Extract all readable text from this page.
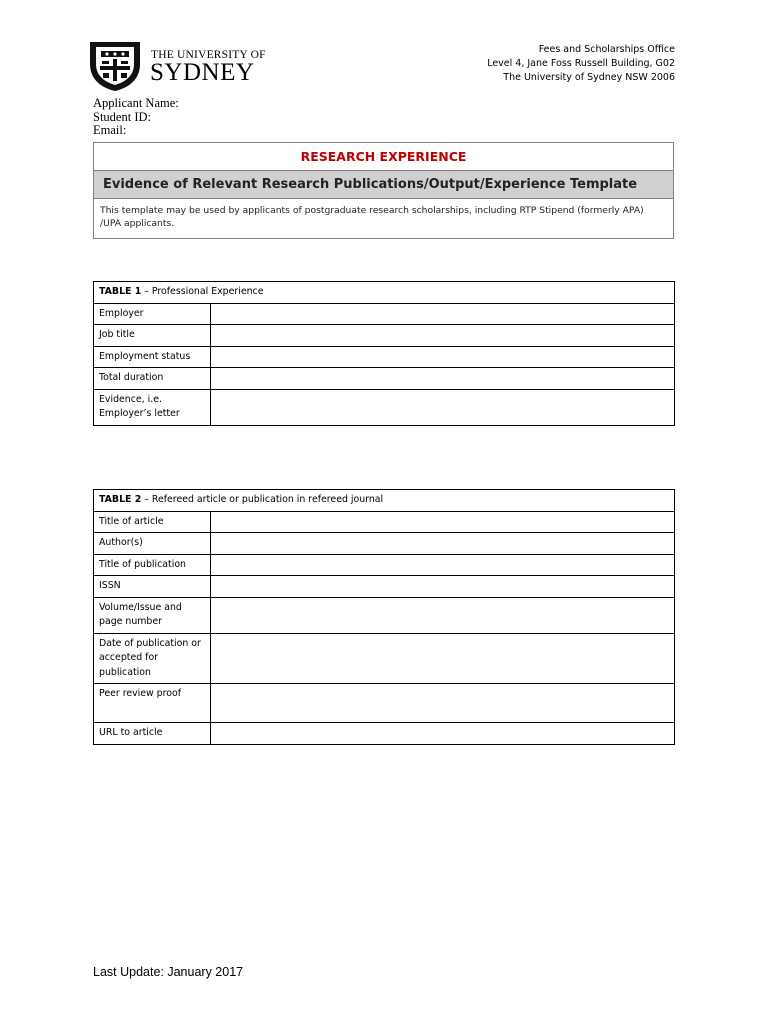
THE UNIVERSITY OF
SYDNEY
Fees and Scholarships Office
Level 4, Jane Foss Russell Building, G02
The University of Sydney NSW 2006
Applicant Name:
Student ID:
Email:
RESEARCH EXPERIENCE
Evidence of Relevant Research Publications/Output/Experience Template
This template may be used by applicants of postgraduate research scholarships, including RTP Stipend (formerly APA) /UPA applicants.
TABLE 1 – Professional Experience	
Employer	
Job title	
Employment status	
Total duration	
Evidence, i.e. Employer’s letter	
TABLE 2 – Refereed article or publication in refereed journal	
Title of article	
Author(s)	
Title of publication	
ISSN	
Volume/Issue and page number	
Date of publication or accepted for publication	
Peer review proof	
URL to article	
Last Update: January 2017
